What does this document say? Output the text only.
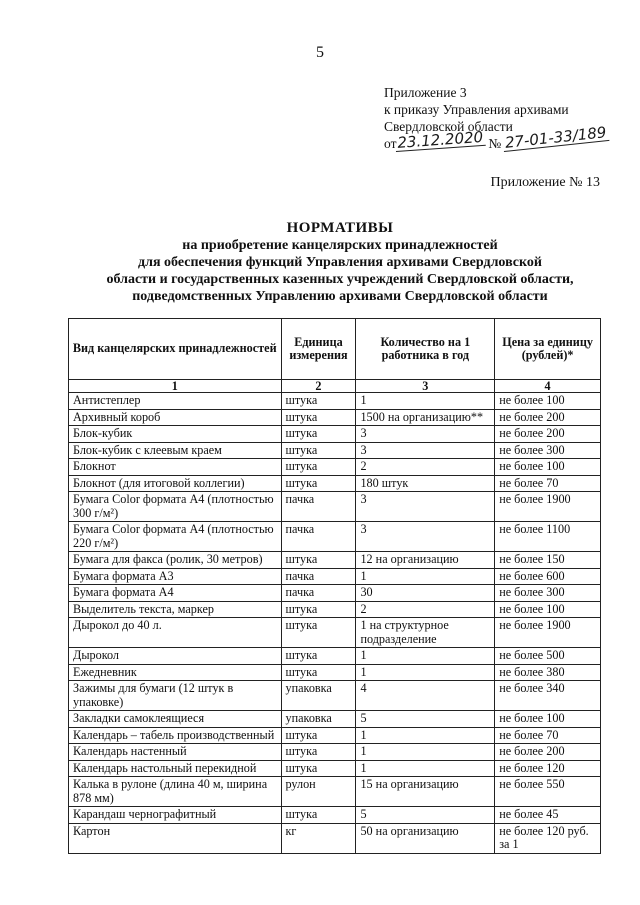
5
Приложение 3
к приказу Управления архивами
Свердловской области
от 23.12.2020 № 27-01-33/189
Приложение № 13
НОРМАТИВЫ
на приобретение канцелярских принадлежностей
для обеспечения функций Управления архивами Свердловской
области и государственных казенных учреждений Свердловской области,
подведомственных Управлению архивами Свердловской области
Вид канцелярских принадлежностей	Единица измерения	Количество на 1 работника в год	Цена за единицу (рублей)*
1	2	3	4
Антистеплер	штука	1	не более 100
Архивный короб	штука	1500 на организацию**	не более 200
Блок-кубик	штука	3	не более 200
Блок-кубик с клеевым краем	штука	3	не более 300
Блокнот	штука	2	не более 100
Блокнот (для итоговой коллегии)	штука	180 штук	не более 70
Бумага Color формата А4 (плотностью 300 г/м²)	пачка	3	не более 1900
Бумага Color формата А4 (плотностью 220 г/м²)	пачка	3	не более 1100
Бумага для факса (ролик, 30 метров)	штука	12 на организацию	не более 150
Бумага формата А3	пачка	1	не более 600
Бумага формата А4	пачка	30	не более 300
Выделитель текста, маркер	штука	2	не более 100
Дырокол до 40 л.	штука	1 на структурное подразделение	не более 1900
Дырокол	штука	1	не более 500
Ежедневник	штука	1	не более 380
Зажимы для бумаги (12 штук в упаковке)	упаковка	4	не более 340
Закладки самоклеящиеся	упаковка	5	не более 100
Календарь – табель производственный	штука	1	не более 70
Календарь настенный	штука	1	не более 200
Календарь настольный перекидной	штука	1	не более 120
Калька в рулоне (длина 40 м, ширина 878 мм)	рулон	15 на организацию	не более 550
Карандаш чернографитный	штука	5	не более 45
Картон	кг	50 на организацию	не более 120 руб. за 1
